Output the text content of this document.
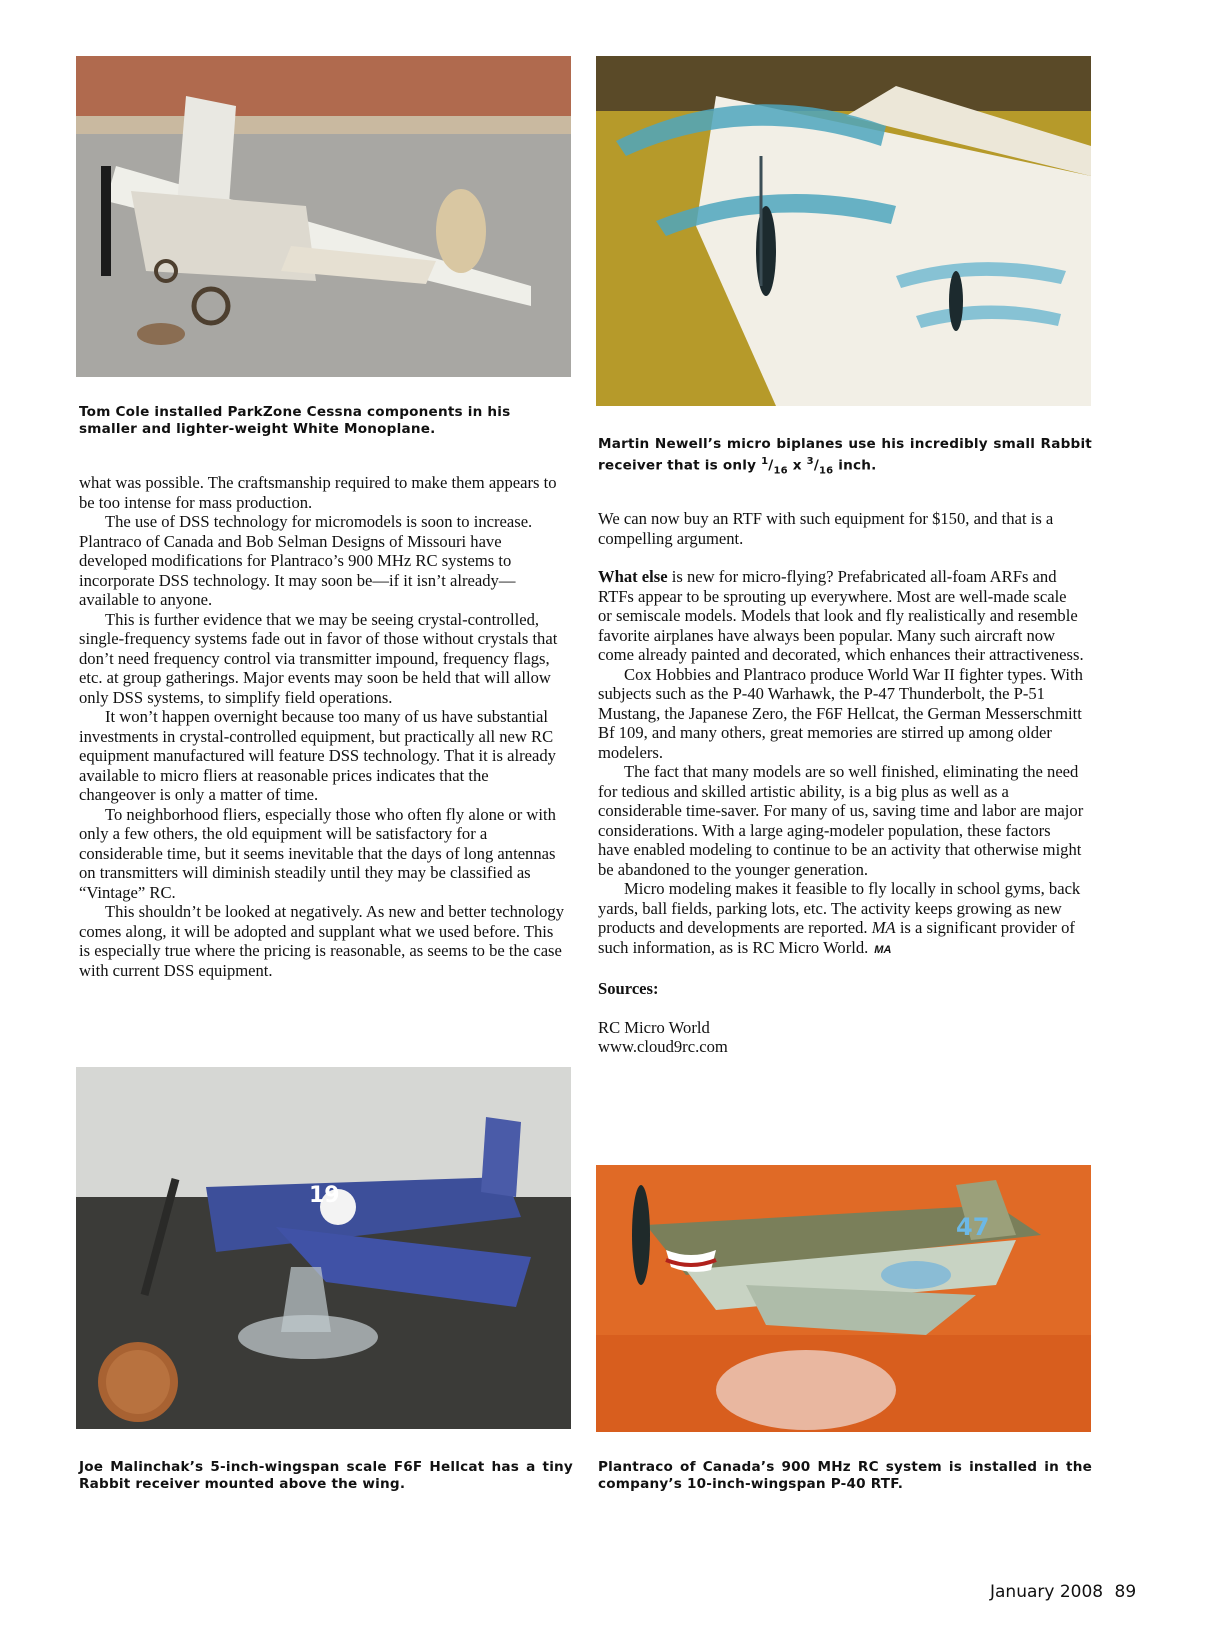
Tom Cole installed ParkZone Cessna components in his smaller and lighter-weight White Monoplane.
Martin Newell’s micro biplanes use his incredibly small Rabbit receiver that is only $^1/_{16}$ x $^3/_{16}$ inch.

what was possible. The craftsmanship required to make them appears to be too intense for mass production.

The use of DSS technology for micromodels is soon to increase. Plantraco of Canada and Bob Selman Designs of Missouri have developed modifications for Plantraco’s 900 MHz RC systems to incorporate DSS technology. It may soon be—if it isn’t already—available to anyone.

This is further evidence that we may be seeing crystal-controlled, single-frequency systems fade out in favor of those without crystals that don’t need frequency control via transmitter impound, frequency flags, etc. at group gatherings. Major events may soon be held that will allow only DSS systems, to simplify field operations.

It won’t happen overnight because too many of us have substantial investments in crystal-controlled equipment, but practically all new RC equipment manufactured will feature DSS technology. That it is already available to micro fliers at reasonable prices indicates that the changeover is only a matter of time.

To neighborhood fliers, especially those who often fly alone or with only a few others, the old equipment will be satisfactory for a considerable time, but it seems inevitable that the days of long antennas on transmitters will diminish steadily until they may be classified as “Vintage” RC.

This shouldn’t be looked at negatively. As new and better technology comes along, it will be adopted and supplant what we used before. This is especially true where the pricing is reasonable, as seems to be the case with current DSS equipment.

We can now buy an RTF with such equipment for $150, and that is a compelling argument.

What else is new for micro-flying? Prefabricated all-foam ARFs and RTFs appear to be sprouting up everywhere. Most are well-made scale or semiscale models. Models that look and fly realistically and resemble favorite airplanes have always been popular. Many such aircraft now come already painted and decorated, which enhances their attractiveness.

Cox Hobbies and Plantraco produce World War II fighter types. With subjects such as the P-40 Warhawk, the P-47 Thunderbolt, the P-51 Mustang, the Japanese Zero, the F6F Hellcat, the German Messerschmitt Bf 109, and many others, great memories are stirred up among older modelers.

The fact that many models are so well finished, eliminating the need for tedious and skilled artistic ability, is a big plus as well as a considerable time-saver. For many of us, saving time and labor are major considerations. With a large aging-modeler population, these factors have enabled modeling to continue to be an activity that otherwise might be abandoned to the younger generation.

Micro modeling makes it feasible to fly locally in school gyms, back yards, ball fields, parking lots, etc. The activity keeps growing as new products and developments are reported. MA is a significant provider of such information, as is RC Micro World. MA

Sources:

RC Micro World

www.cloud9rc.com

19
47
Joe Malinchak’s 5-inch-wingspan scale F6F Hellcat has a tiny Rabbit receiver mounted above the wing.
Plantraco of Canada’s 900 MHz RC system is installed in the company’s 10-inch-wingspan P-40 RTF.
January 2008 89
